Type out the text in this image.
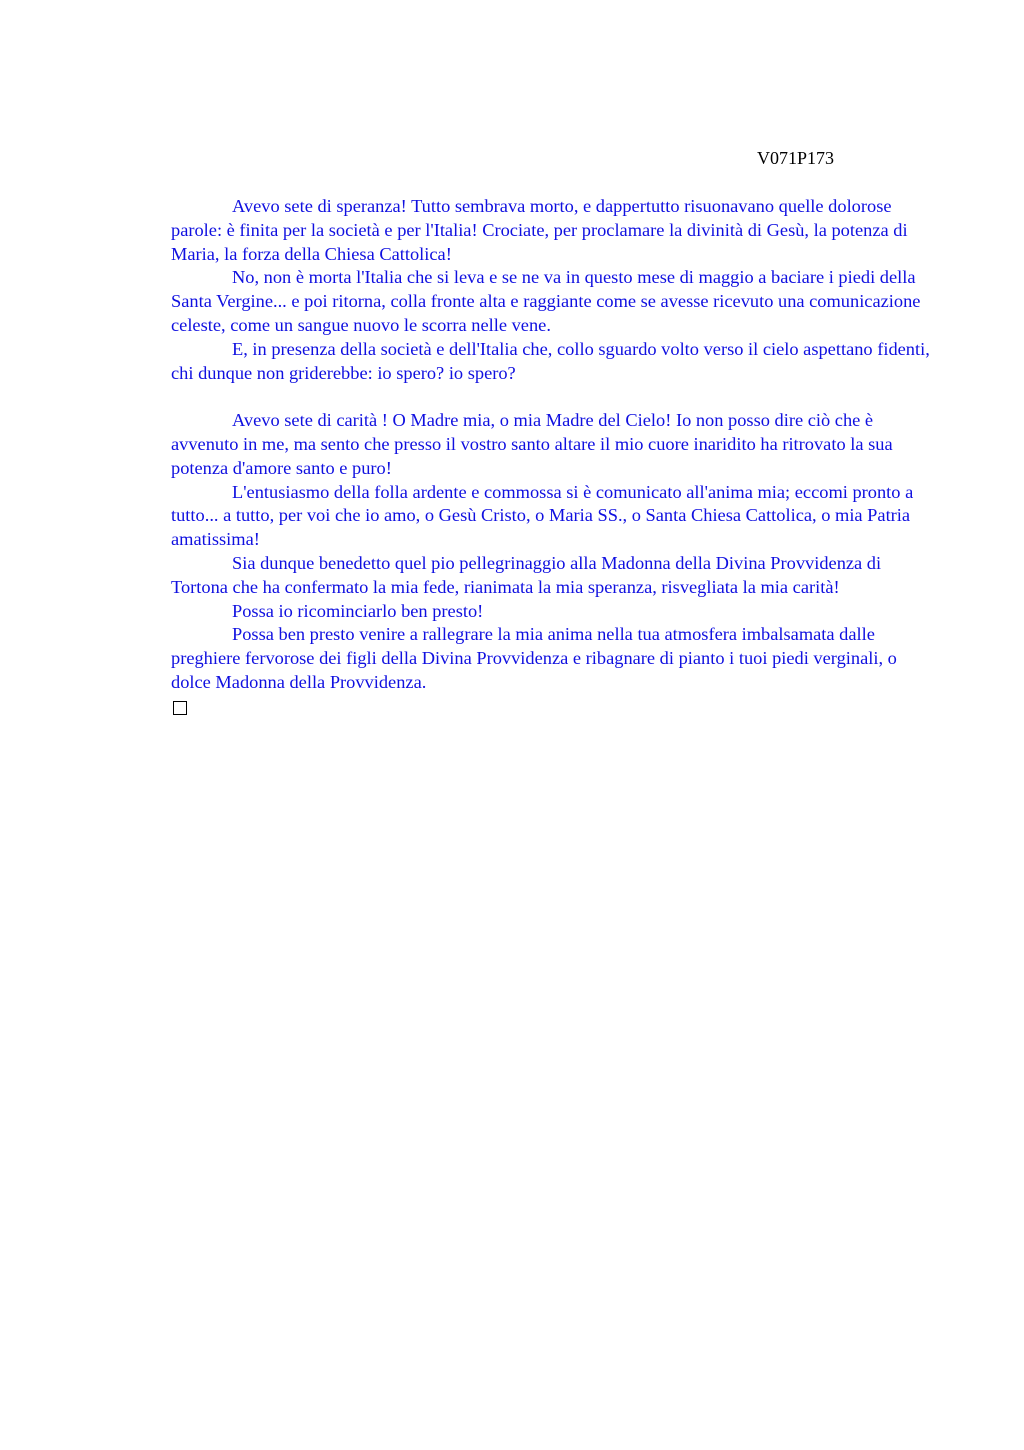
V071P173

Avevo sete di speranza! Tutto sembrava morto, e dappertutto risuonavano quelle dolorose parole: è finita per la società e per l'Italia! Crociate, per proclamare la divinità di Gesù, la potenza di Maria, la forza della Chiesa Cattolica!

No, non è morta l'Italia che si leva e se ne va in questo mese di maggio a baciare i piedi della Santa Vergine... e poi ritorna, colla fronte alta e raggiante come se avesse ricevuto una comunicazione celeste, come un sangue nuovo le scorra nelle vene.

E, in presenza della società e dell'Italia che, collo sguardo volto verso il cielo aspettano fidenti, chi dunque non griderebbe: io spero? io spero?

Avevo sete di carità ! O Madre mia, o mia Madre del Cielo! Io non posso dire ciò che è avvenuto in me, ma sento che presso il vostro santo altare il mio cuore inaridito ha ritrovato la sua potenza d'amore santo e puro!

L'entusiasmo della folla ardente e commossa si è comunicato all'anima mia; eccomi pronto a tutto... a tutto, per voi che io amo, o Gesù Cristo, o Maria SS., o Santa Chiesa Cattolica, o mia Patria amatissima!

Sia dunque benedetto quel pio pellegrinaggio alla Madonna della Divina Provvidenza di Tortona che ha confermato la mia fede, rianimata la mia speranza, risvegliata la mia carità!

Possa io ricominciarlo ben presto!

Possa ben presto venire a rallegrare la mia anima nella tua atmosfera imbalsamata dalle preghiere fervorose dei figli della Divina Provvidenza e ribagnare di pianto i tuoi piedi verginali, o dolce Madonna della Provvidenza.
